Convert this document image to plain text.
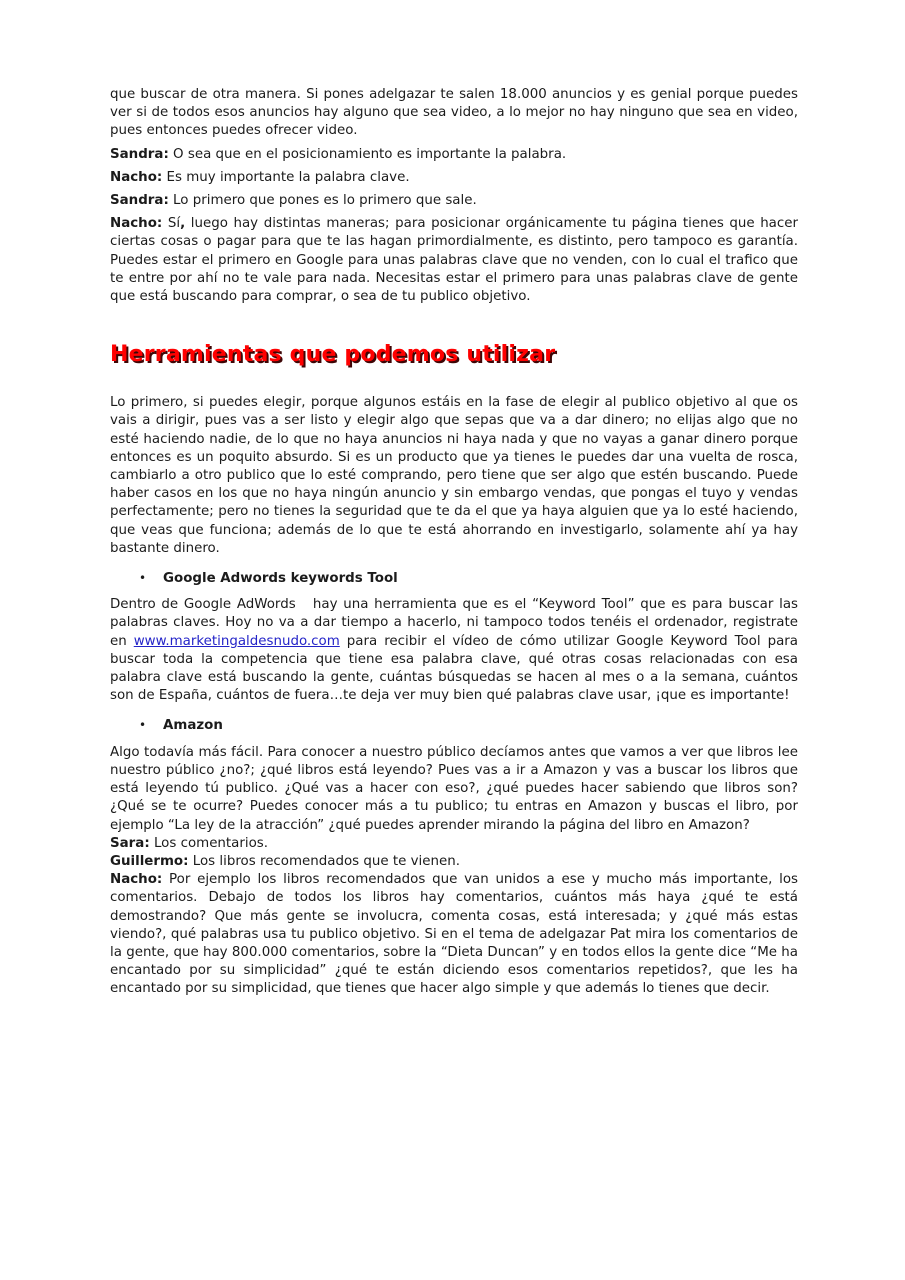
que buscar de otra manera. Si pones adelgazar te salen 18.000 anuncios y es genial porque puedes ver si de todos esos anuncios hay alguno que sea video, a lo mejor no hay ninguno que sea en video, pues entonces puedes ofrecer video.

Sandra: O sea que en el posicionamiento es importante la palabra.

Nacho: Es muy importante la palabra clave.

Sandra: Lo primero que pones es lo primero que sale.

Nacho: Sí, luego hay distintas maneras; para posicionar orgánicamente tu página tienes que hacer ciertas cosas o pagar para que te las hagan primordialmente, es distinto, pero tampoco es garantía. Puedes estar el primero en Google para unas palabras clave que no venden, con lo cual el trafico que te entre por ahí no te vale para nada. Necesitas estar el primero para unas palabras clave de gente que está buscando para comprar, o sea de tu publico objetivo.

Herramientas que podemos utilizar

Lo primero, si puedes elegir, porque algunos estáis en la fase de elegir al publico objetivo al que os vais a dirigir, pues vas a ser listo y elegir algo que sepas que va a dar dinero; no elijas algo que no esté haciendo nadie, de lo que no haya anuncios ni haya nada y que no vayas a ganar dinero porque entonces es un poquito absurdo. Si es un producto que ya tienes le puedes dar una vuelta de rosca, cambiarlo a otro publico que lo esté comprando, pero tiene que ser algo que estén buscando. Puede haber casos en los que no haya ningún anuncio y sin embargo vendas, que pongas el tuyo y vendas perfectamente; pero no tienes la seguridad que te da el que ya haya alguien que ya lo esté haciendo, que veas que funciona; además de lo que te está ahorrando en investigarlo, solamente ahí ya hay bastante dinero.

•	Google Adwords keywords Tool

Dentro de Google AdWords   hay una herramienta que es el “Keyword Tool” que es para buscar las palabras claves. Hoy no va a dar tiempo a hacerlo, ni tampoco todos tenéis el ordenador, registrate en www.marketingaldesnudo.com para recibir el vídeo de cómo utilizar Google Keyword Tool para buscar toda la competencia que tiene esa palabra clave, qué otras cosas relacionadas con esa palabra clave está buscando la gente, cuántas búsquedas se hacen al mes o a la semana, cuántos son de España, cuántos de fuera…te deja ver muy bien qué palabras clave usar, ¡que es importante!

•	Amazon

Algo todavía más fácil. Para conocer a nuestro público decíamos antes que vamos a ver que libros lee nuestro público ¿no?; ¿qué libros está leyendo? Pues vas a ir a Amazon y vas a buscar los libros que está leyendo tú publico. ¿Qué vas a hacer con eso?, ¿qué puedes hacer sabiendo que libros son? ¿Qué se te ocurre? Puedes conocer más a tu publico; tu entras en Amazon y buscas el libro, por ejemplo “La ley de la atracción” ¿qué puedes aprender mirando la página del libro en Amazon?

Sara: Los comentarios.

Guillermo: Los libros recomendados que te vienen.

Nacho: Por ejemplo los libros recomendados que van unidos a ese y mucho más importante, los comentarios. Debajo de todos los libros hay comentarios, cuántos más haya ¿qué te está demostrando? Que más gente se involucra, comenta cosas, está interesada; y ¿qué más estas viendo?, qué palabras usa tu publico objetivo. Si en el tema de adelgazar Pat mira los comentarios de la gente, que hay 800.000 comentarios, sobre la “Dieta Duncan” y en todos ellos la gente dice “Me ha encantado por su simplicidad” ¿qué te están diciendo esos comentarios repetidos?, que les ha encantado por su simplicidad, que tienes que hacer algo simple y que además lo tienes que decir.
